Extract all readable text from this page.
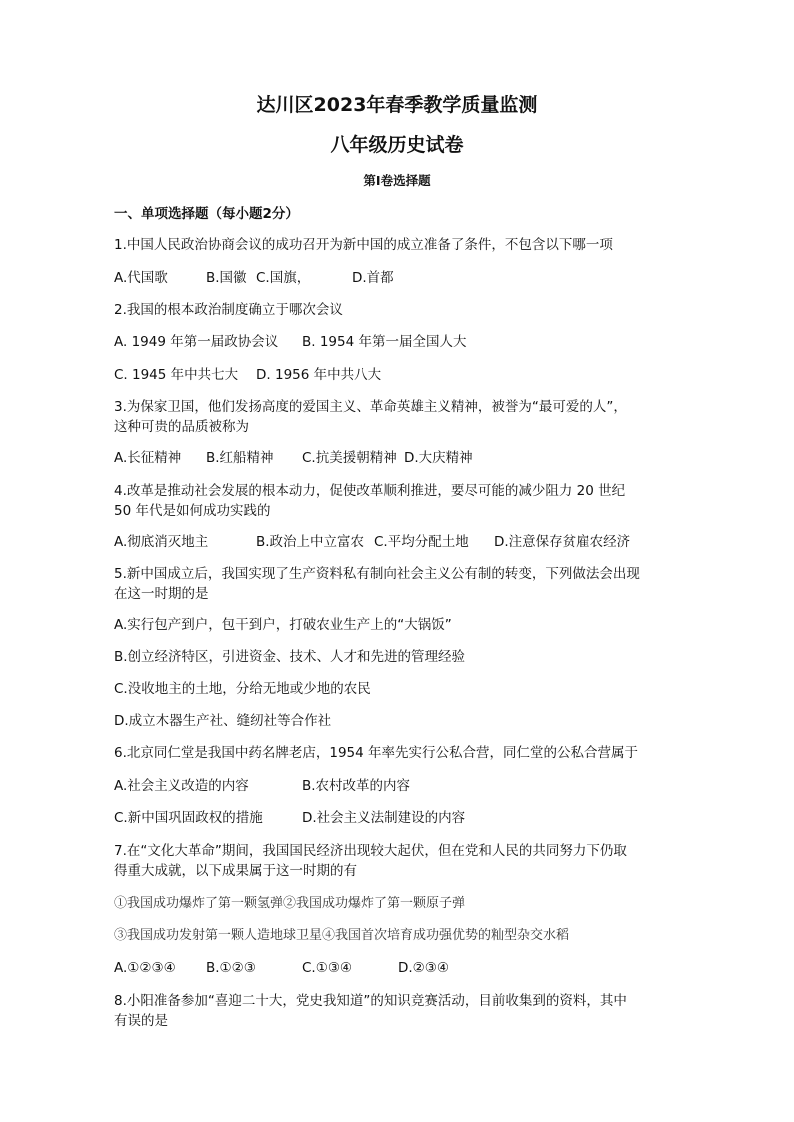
达川区2023年春季教学质量监测
八年级历史试卷
第I卷选择题
一、单项选择题（每小题2分）
1.中国人民政治协商会议的成功召开为新中国的成立准备了条件，不包含以下哪一项
A.代国歌	B.国徽 C.国旗，	D.首都
2.我国的根本政治制度确立于哪次会议
A. 1949 年第一届政协会议 B. 1954 年第一届全国人大
C. 1945 年中共七大 D. 1956 年中共八大
3.为保家卫国，他们发扬高度的爱国主义、革命英雄主义精神，被誉为“最可爱的人”，
这种可贵的品质被称为
A.长征精神 B.红船精神 C.抗美援朝精神 D.大庆精神
4.改革是推动社会发展的根本动力，促使改革顺利推进，要尽可能的减少阻力 20 世纪
50 年代是如何成功实践的
A.彻底消灭地主	B.政治上中立富农 C.平均分配土地 D.注意保存贫雇农经济
5.新中国成立后，我国实现了生产资料私有制向社会主义公有制的转变，下列做法会出现
在这一时期的是
A.实行包产到户，包干到户，打破农业生产上的“大锅饭”
B.创立经济特区，引进资金、技术、人才和先进的管理经验
C.没收地主的土地，分给无地或少地的农民
D.成立木器生产社、缝纫社等合作社
6.北京同仁堂是我国中药名牌老店，1954 年率先实行公私合营，同仁堂的公私合营属于
A.社会主义改造的内容	B.农村改革的内容
C.新中国巩固政权的措施	D.社会主义法制建设的内容
7.在“文化大革命”期间，我国国民经济出现较大起伏，但在党和人民的共同努力下仍取
得重大成就，以下成果属于这一时期的有
①我国成功爆炸了第一颗氢弹②我国成功爆炸了第一颗原子弹
③我国成功发射第一颗人造地球卫星④我国首次培育成功强优势的籼型杂交水稻
A.①②③④ B.①②③	C.①③④	D.②③④
8.小阳准备参加“喜迎二十大，党史我知道”的知识竞赛活动，目前收集到的资料，其中
有误的是
